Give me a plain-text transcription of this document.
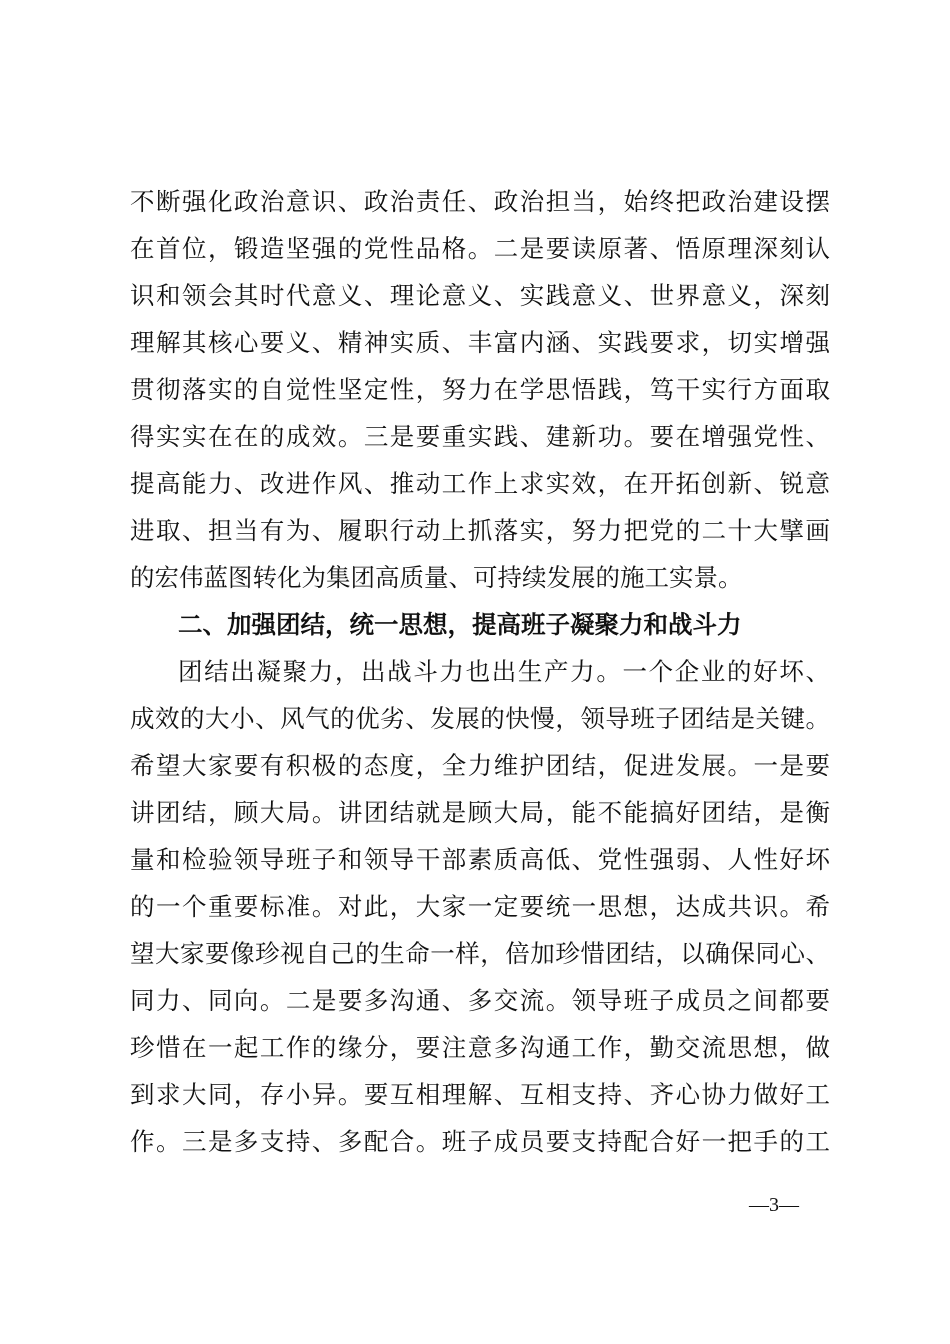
不断强化政治意识、政治责任、政治担当，始终把政治建设摆
在首位，锻造坚强的党性品格。二是要读原著、悟原理深刻认
识和领会其时代意义、理论意义、实践意义、世界意义，深刻
理解其核心要义、精神实质、丰富内涵、实践要求，切实增强
贯彻落实的自觉性坚定性，努力在学思悟践，笃干实行方面取
得实实在在的成效。三是要重实践、建新功。要在增强党性、
提高能力、改进作风、推动工作上求实效，在开拓创新、锐意
进取、担当有为、履职行动上抓落实，努力把党的二十大擘画
的宏伟蓝图转化为集团高质量、可持续发展的施工实景。
二、加强团结，统一思想，提高班子凝聚力和战斗力
团结出凝聚力，出战斗力也出生产力。一个企业的好坏、
成效的大小、风气的优劣、发展的快慢，领导班子团结是关键。
希望大家要有积极的态度，全力维护团结，促进发展。一是要
讲团结，顾大局。讲团结就是顾大局，能不能搞好团结，是衡
量和检验领导班子和领导干部素质高低、党性强弱、人性好坏
的一个重要标准。对此，大家一定要统一思想，达成共识。希
望大家要像珍视自己的生命一样，倍加珍惜团结，以确保同心、
同力、同向。二是要多沟通、多交流。领导班子成员之间都要
珍惜在一起工作的缘分，要注意多沟通工作，勤交流思想，做
到求大同，存小异。要互相理解、互相支持、齐心协力做好工
作。三是多支持、多配合。班子成员要支持配合好一把手的工
—3—
